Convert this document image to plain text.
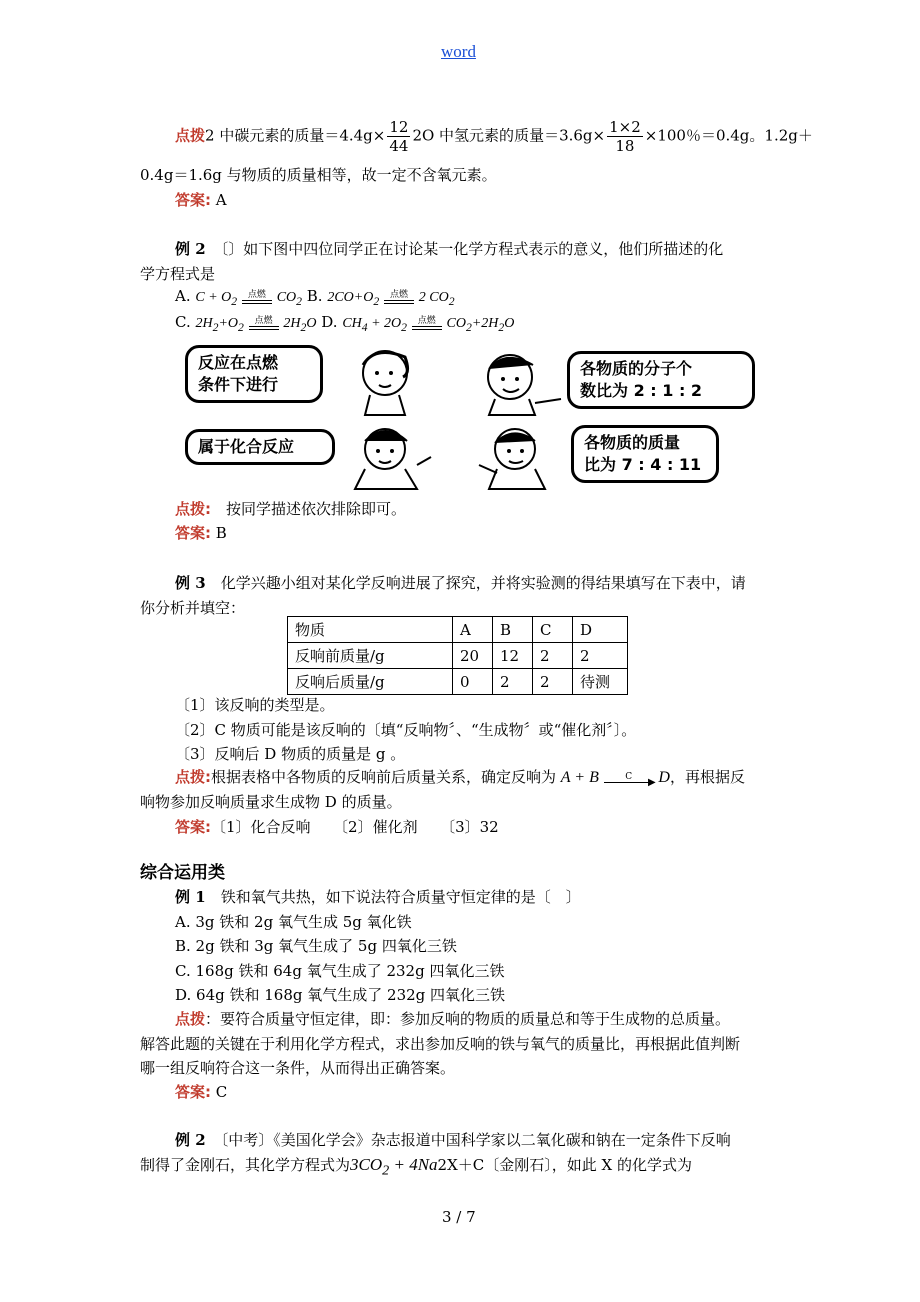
word
点拨2 中碳元素的质量$=4.4g\times \frac{12}{44} 2O$ 中氢元素的质量$=3.6g\times \frac{1\times 2}{18} \times 100$％＝0.4g。1.2g＋
0.4g＝1.6g 与物质的质量相等，故一定不含氧元素。
答案: A
例 2　 〔〕如下图中四位同学正在讨论某一化学方程式表示的意义，他们所描述的化
学方程式是
A. $C + O_2$
点燃 $CO_2$ B. $2CO+O_2$
点燃 2 $CO_2$
C. $2H_2+O_2$
点燃 $2H_2O$ D. $CH_4 + 2O_2$
点燃 $CO_2+2H_2O$
反应在点燃
条件下进行
各物质的分子个
数比为 2 : 1 : 2
属于化合反应	各物质的质量
比为 7 : 4 : 11
点拨:　 按同学描述依次排除即可。
答案: B
例 3　 化学兴趣小组对某化学反响进展了探究，并将实验测的得结果填写在下表中，请
你分析并填空：
物质	A	B	C	D
反响前质量/g	20	12	2	2
反响后质量/g	0	2	2	待测
〔1〕该反响的类型是。
〔2〕C 物质可能是该反响的〔填“反响物〞、“生成物〞或“催化剂〞〕。
〔3〕反响后 D 物质的质量是 g 。
点拨:根据表格中各物质的反响前后质量关系，确定反响为 A + B	C	▶ D，再根据反
响物参加反响质量求生成物 D 的质量。
答案:〔1〕化合反响　　〔2〕催化剂　　〔3〕32
综合运用类
例 1　 铁和氧气共热，如下说法符合质量守恒定律的是〔　〕
A. 3g 铁和 2g 氧气生成 5g 氧化铁
B. 2g 铁和 3g 氧气生成了 5g 四氧化三铁
C. 168g 铁和 64g 氧气生成了 232g 四氧化三铁
D. 64g 铁和 168g 氧气生成了 232g 四氧化三铁
点拨：要符合质量守恒定律，即：参加反响的物质的质量总和等于生成物的总质量。
解答此题的关键在于利用化学方程式，求出参加反响的铁与氧气的质量比，再根据此值判断
哪一组反响符合这一条件，从而得出正确答案。
答案: C
例 2　 〔中考〕《美国化学会》杂志报道中国科学家以二氧化碳和钠在一定条件下反响
制得了金刚石，其化学方程式为$3CO_2 + 4Na2X+C$〔金刚石〕，如此 X 的化学式为
3 / 7
